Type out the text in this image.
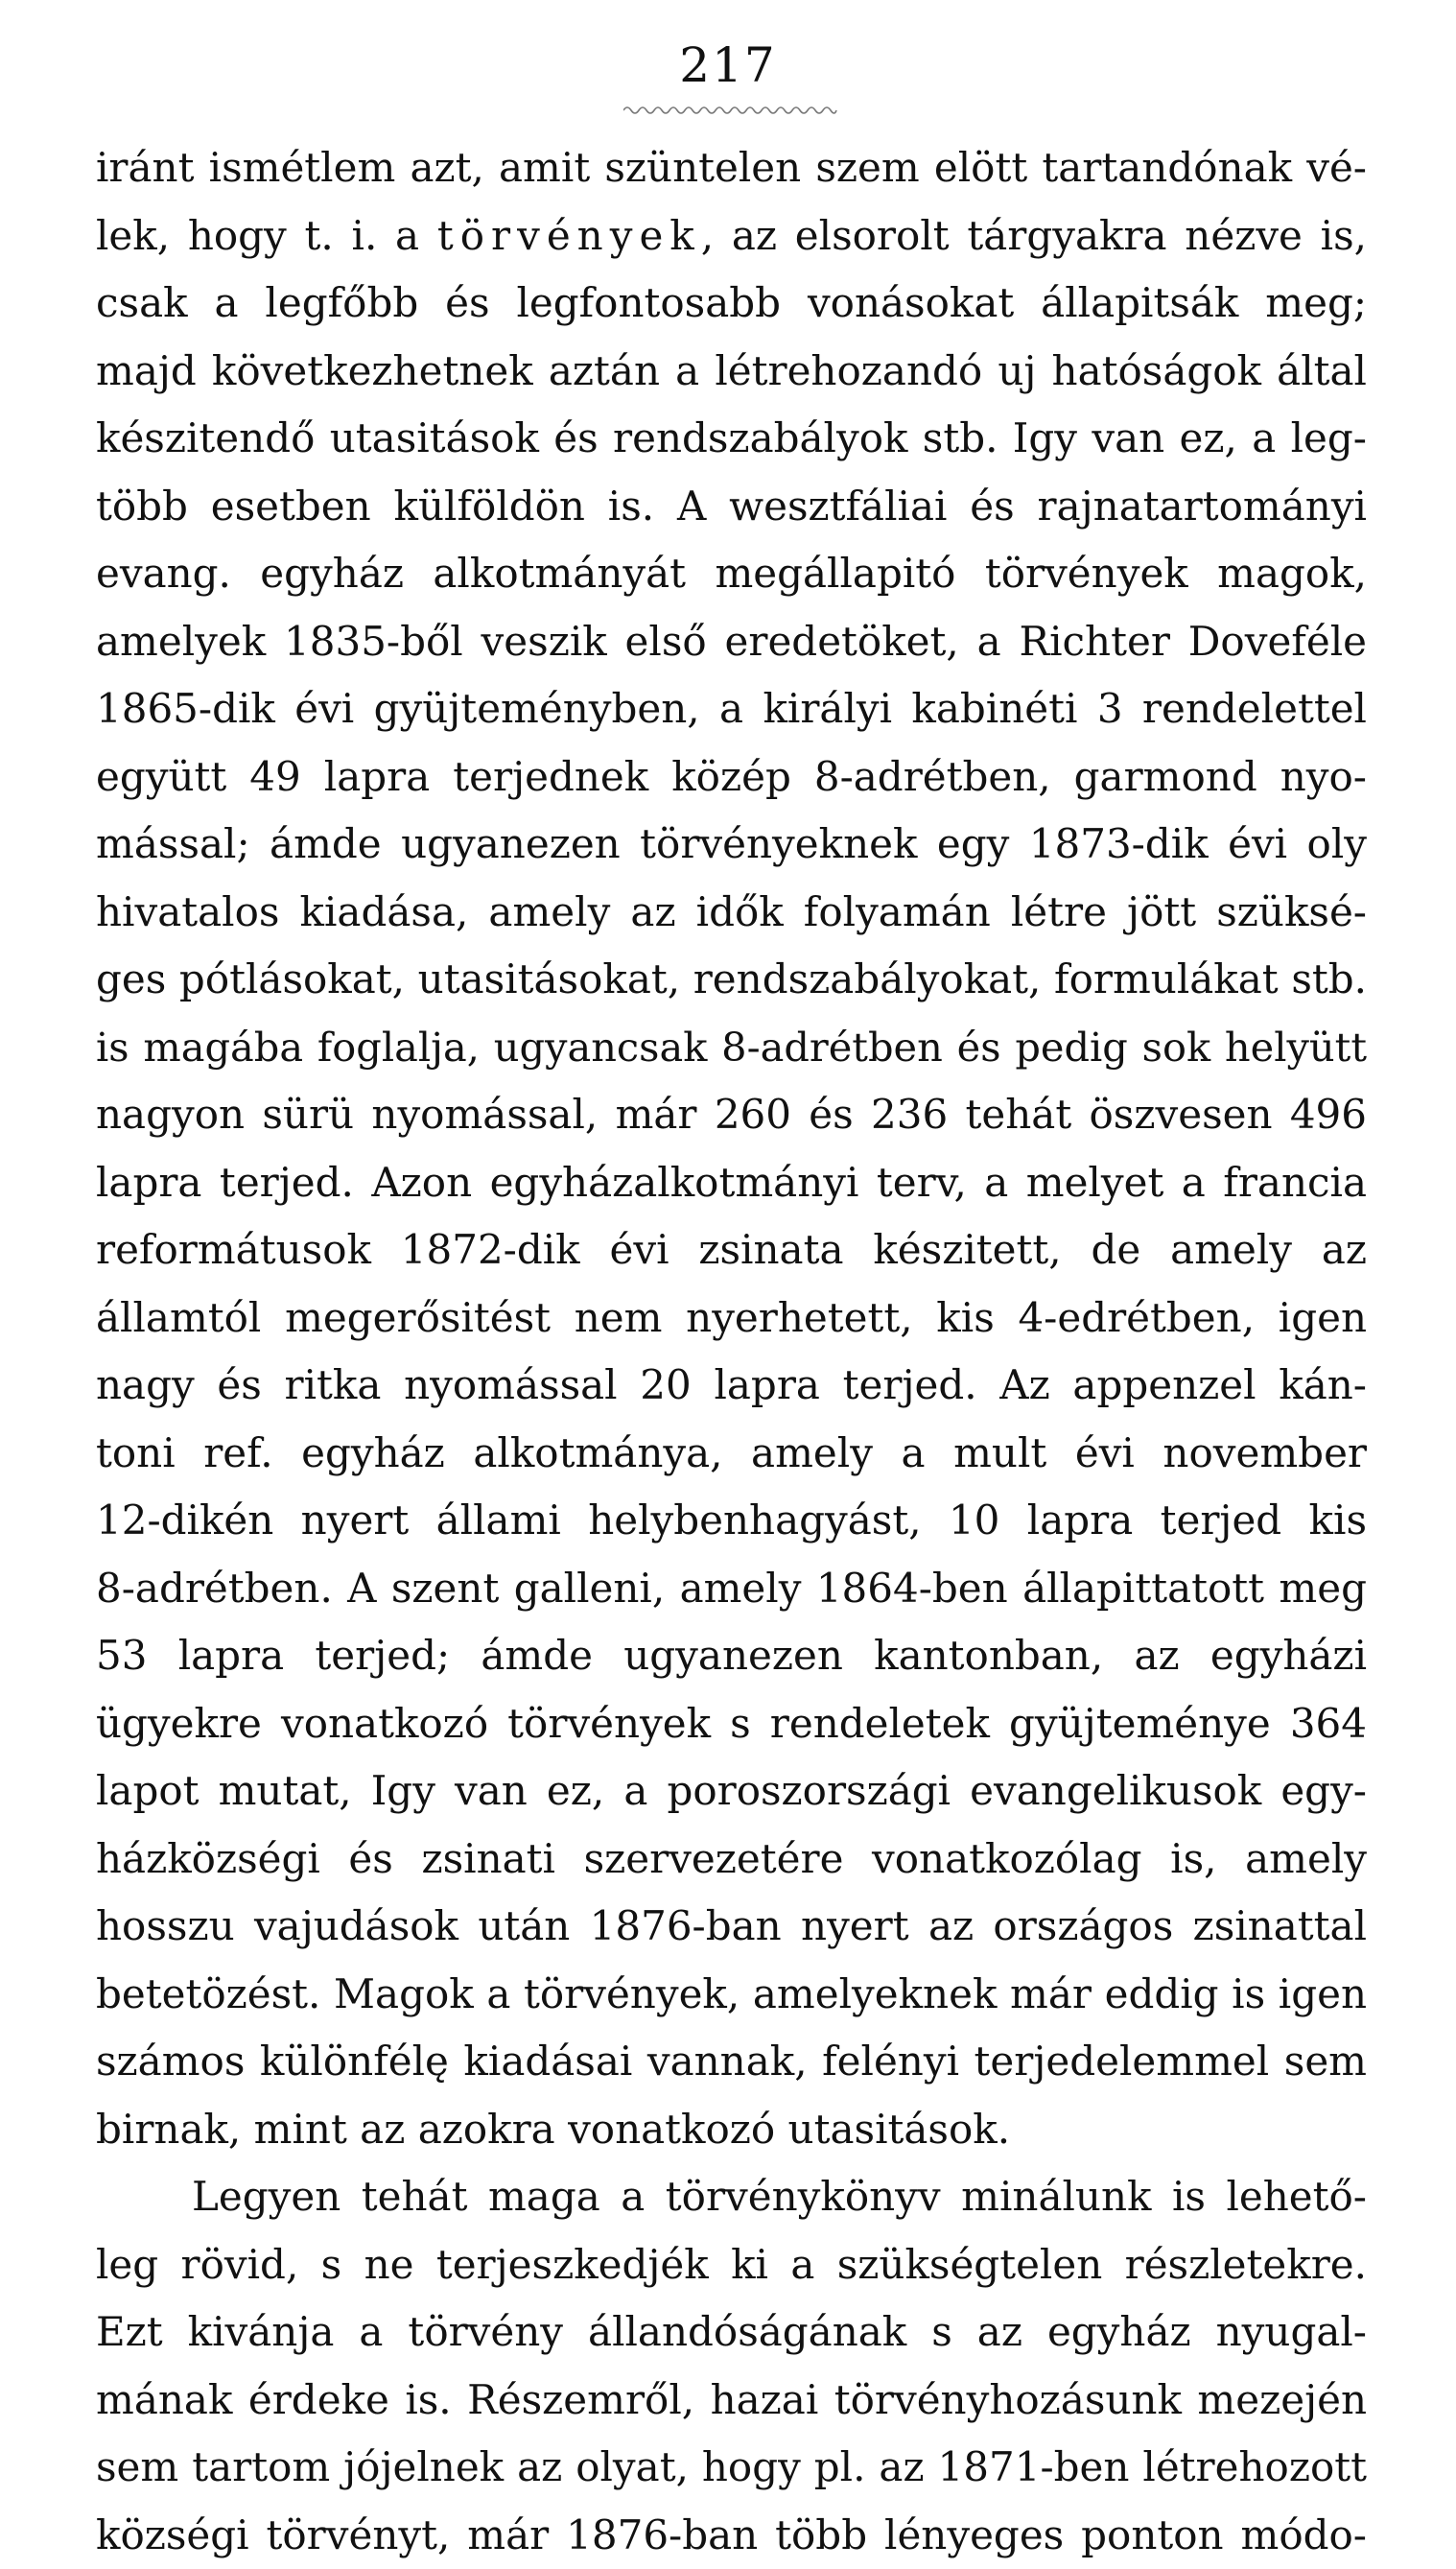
217
iránt ismétlem azt, amit szüntelen szem elött tartandónak vé-
lek, hogy t. i. a törvények, az elsorolt tárgyakra nézve is,
csak a legfőbb és legfontosabb vonásokat állapitsák meg;
majd következhetnek aztán a létrehozandó uj hatóságok által
készitendő utasitások és rendszabályok stb. Igy van ez, a leg-
több esetben külföldön is. A wesztfáliai és rajnatartományi
evang. egyház alkotmányát megállapitó törvények magok,
amelyek 1835-ből veszik első eredetöket, a Richter Doveféle
1865-dik évi gyüjteményben, a királyi kabinéti 3 rendelettel
együtt 49 lapra terjednek közép 8-adrétben, garmond nyo-
mással; ámde ugyanezen törvényeknek egy 1873-dik évi oly
hivatalos kiadása, amely az idők folyamán létre jött szüksé-
ges pótlásokat, utasitásokat, rendszabályokat, formulákat stb.
is magába foglalja, ugyancsak 8-adrétben és pedig sok helyütt
nagyon sürü nyomással, már 260 és 236 tehát öszvesen 496
lapra terjed. Azon egyházalkotmányi terv, a melyet a francia
reformátusok 1872-dik évi zsinata készitett, de amely az
államtól megerősitést nem nyerhetett, kis 4-edrétben, igen
nagy és ritka nyomással 20 lapra terjed. Az appenzel kán-
toni ref. egyház alkotmánya, amely a mult évi november
12-dikén nyert állami helybenhagyást, 10 lapra terjed kis
8-adrétben. A szent galleni, amely 1864-ben állapittatott meg
53 lapra terjed; ámde ugyanezen kantonban, az egyházi
ügyekre vonatkozó törvények s rendeletek gyüjteménye 364
lapot mutat, Igy van ez, a poroszországi evangelikusok egy-
házközségi és zsinati szervezetére vonatkozólag is, amely
hosszu vajudások után 1876-ban nyert az országos zsinattal
betetözést. Magok a törvények, amelyeknek már eddig is igen
számos különfélę kiadásai vannak, felényi terjedelemmel sem
birnak, mint az azokra vonatkozó utasitások.
Legyen tehát maga a törvénykönyv minálunk is lehető-
leg rövid, s ne terjeszkedjék ki a szükségtelen részletekre.
Ezt kivánja a törvény állandóságának s az egyház nyugal-
mának érdeke is. Részemről, hazai törvényhozásunk mezején
sem tartom jójelnek az olyat, hogy pl. az 1871-ben létrehozott
községi törvényt, már 1876-ban több lényeges ponton módo-
